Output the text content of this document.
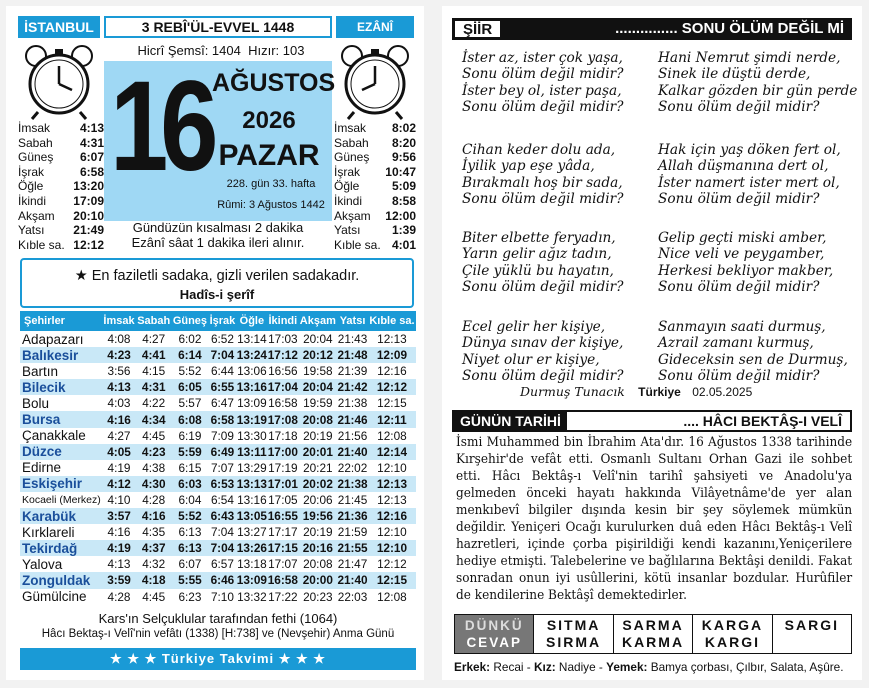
İSTANBUL	3 REBÎ'ÜL-EVVEL 1448	EZÂNÎ
Hicrî Şemsî: 1404 Hızır: 103
16 AĞUSTOS
2026
PAZAR
228. gün 33. hafta
Rûmi: 3 Ağustos 1442
İmsak 4:13
Sabah 4:31
Güneş 6:07
İşrak	6:58
Öğle 13:20
İkindi 17:09
Akşam 20:10
Yatsı 21:49
Kıble sa. 12:12
İmsak 8:02
Sabah 8:20
Güneş 9:56
İşrak 10:47
Öğle	5:09
İkindi 8:58
Akşam 12:00
Yatsı	1:39
Kıble sa. 4:01
Gündüzün kısalması 2 dakika
Ezânî sâat 1 dakika ileri alınır.
★ En faziletli sadaka, gizli verilen sadakadır.
Hadîs-i şerîf
Şehirler	İmsak	Sabah	Güneş	İşrak	Öğle	İkindi	Akşam	Yatsı	Kıble sa.
Adapazarı	4:08	4:27	6:02	6:52	13:14	17:03	20:04	21:43	12:13
Balıkesir	4:23	4:41	6:14	7:04	13:24	17:12	20:12	21:48	12:09
Bartın	3:56	4:15	5:52	6:44	13:06	16:56	19:58	21:39	12:16
Bilecik	4:13	4:31	6:05	6:55	13:16	17:04	20:04	21:42	12:12
Bolu	4:03	4:22	5:57	6:47	13:09	16:58	19:59	21:38	12:15
Bursa	4:16	4:34	6:08	6:58	13:19	17:08	20:08	21:46	12:11
Çanakkale	4:27	4:45	6:19	7:09	13:30	17:18	20:19	21:56	12:08
Düzce	4:05	4:23	5:59	6:49	13:11	17:00	20:01	21:40	12:14
Edirne	4:19	4:38	6:15	7:07	13:29	17:19	20:21	22:02	12:10
Eskişehir	4:12	4:30	6:03	6:53	13:13	17:01	20:02	21:38	12:13
Kocaeli (Merkez)	4:10	4:28	6:04	6:54	13:16	17:05	20:06	21:45	12:13
Karabük	3:57	4:16	5:52	6:43	13:05	16:55	19:56	21:36	12:16
Kırklareli	4:16	4:35	6:13	7:04	13:27	17:17	20:19	21:59	12:10
Tekirdağ	4:19	4:37	6:13	7:04	13:26	17:15	20:16	21:55	12:10
Yalova	4:13	4:32	6:07	6:57	13:18	17:07	20:08	21:47	12:12
Zonguldak	3:59	4:18	5:55	6:46	13:09	16:58	20:00	21:40	12:15
Gümülcine	4:28	4:45	6:23	7:10	13:32	17:22	20:23	22:03	12:08
Kars'ın Selçuklular tarafından fethi (1064)
Hâcı Bektaş-ı Velî'nin vefâtı (1338) [H:738] ve (Nevşehir) Anma Günü
★ ★ ★ Türkiye Takvimi ★ ★ ★
ŞİİR	............... SONU ÖLÜM DEĞİL Mİ
İster az, ister çok yaşa,
Sonu ölüm değil midir?
İster bey ol, ister paşa,
Sonu ölüm değil midir?
Hani Nemrut şimdi nerde,
Sinek ile düştü derde,
Kalkar gözden bir gün perde
Sonu ölüm değil midir?
Cihan keder dolu ada,
İyilik yap eşe yâda,
Bırakmalı hoş bir sada,
Sonu ölüm değil midir?
Hak için yaş döken fert ol,
Allah düşmanına dert ol,
İster namert ister mert ol,
Sonu ölüm değil midir?
Biter elbette feryadın,
Yarın gelir ağız tadın,
Çile yüklü bu hayatın,
Sonu ölüm değil midir?
Gelip geçti miski amber,
Nice veli ve peygamber,
Herkesi bekliyor makber,
Sonu ölüm değil midir?
Ecel gelir her kişiye,
Dünya sınav der kişiye,
Niyet olur er kişiye,
Sonu ölüm değil midir?
Sanmayın saati durmuş,
Azrail zamanı kurmuş,
Gideceksin sen de Durmuş,
Sonu ölüm değil midir?
Durmuş Tunacık Türkiye 02.05.2025
GÜNÜN TARİHİ	.... HÂCI BEKTÂŞ-I VELÎ
İsmi Muhammed bin İbrahim Ata'dır. 16 Ağustos 1338 tarihinde Kırşehir'de vefât etti. Osmanlı Sultanı Orhan Gazi ile sohbet etti. Hâcı Bektâş-ı Velî'nin tarihî şahsiyeti ve Anadolu'ya gelmeden önceki hayatı hakkında Vilâyetnâme'de yer alan menkıbevî bilgiler dışında kesin bir şey söylemek mümkün değildir. Yeniçeri Ocağı kurulurken duâ eden Hâcı Bektâş-ı Velî hazretleri, içinde çorba pişirildiği kendi kazanını,Yeniçerilere hediye etmişti. Talebelerine ve bağlılarına Bektâşi denildi. Fakat sonradan onun iyi usûllerini, kötü insanlar bozdular. Hurûfiler de kendilerine Bektâşî demektedirler.
DÜNKÜ
CEVAP
SITMA
SIRMA
SARMA
KARMA
KARGA
KARGI
SARGI
Erkek: Recai - Kız: Nadiye - Yemek: Bamya çorbası, Çılbır, Salata, Aşûre.
